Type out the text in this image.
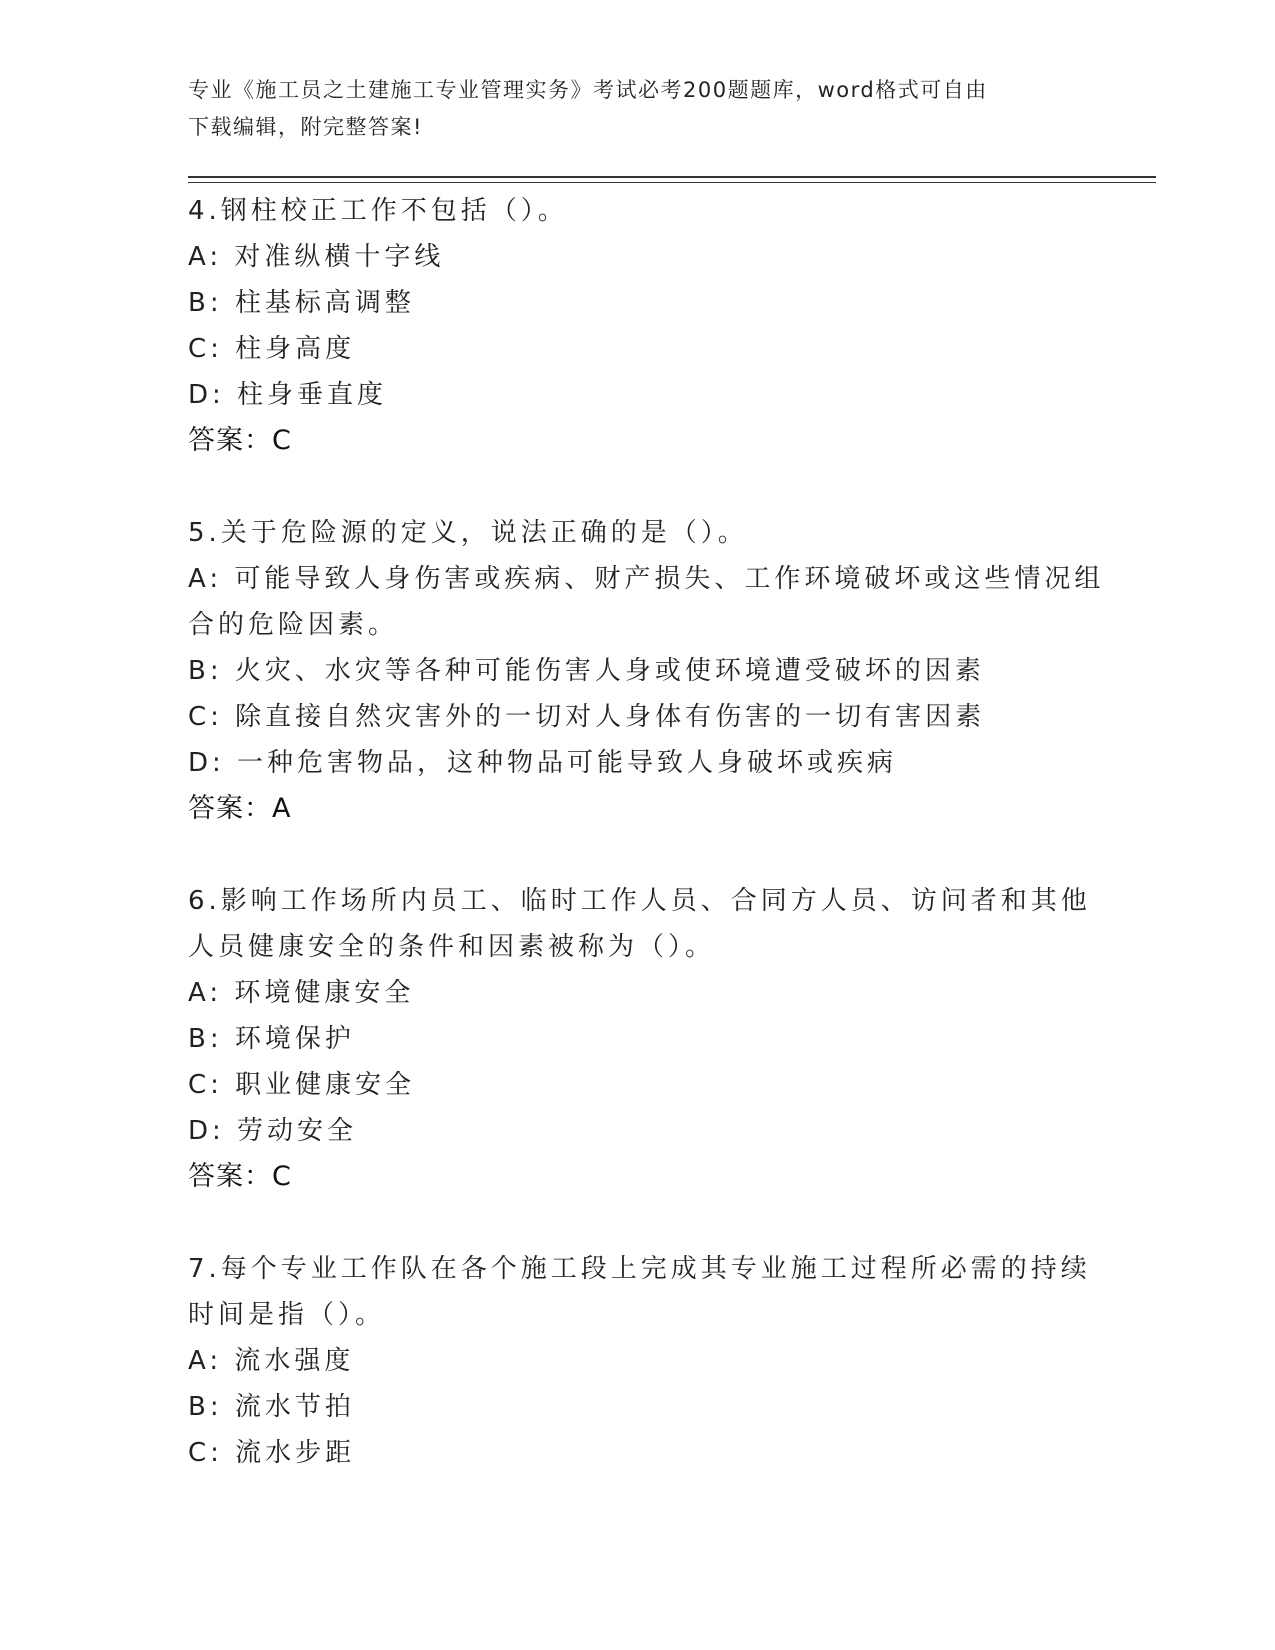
专业《施工员之土建施工专业管理实务》考试必考200题题库，word格式可自由
下载编辑，附完整答案!
4.钢柱校正工作不包括（）。
A: 对准纵横十字线
B: 柱基标高调整
C: 柱身高度
D: 柱身垂直度
答案：C
5.关于危险源的定义，说法正确的是（）。
A: 可能导致人身伤害或疾病、财产损失、工作环境破坏或这些情况组
合的危险因素。
B: 火灾、水灾等各种可能伤害人身或使环境遭受破坏的因素
C: 除直接自然灾害外的一切对人身体有伤害的一切有害因素
D: 一种危害物品，这种物品可能导致人身破坏或疾病
答案：A
6.影响工作场所内员工、临时工作人员、合同方人员、访问者和其他
人员健康安全的条件和因素被称为（）。
A: 环境健康安全
B: 环境保护
C: 职业健康安全
D: 劳动安全
答案：C
7.每个专业工作队在各个施工段上完成其专业施工过程所必需的持续
时间是指（）。
A: 流水强度
B: 流水节拍
C: 流水步距
